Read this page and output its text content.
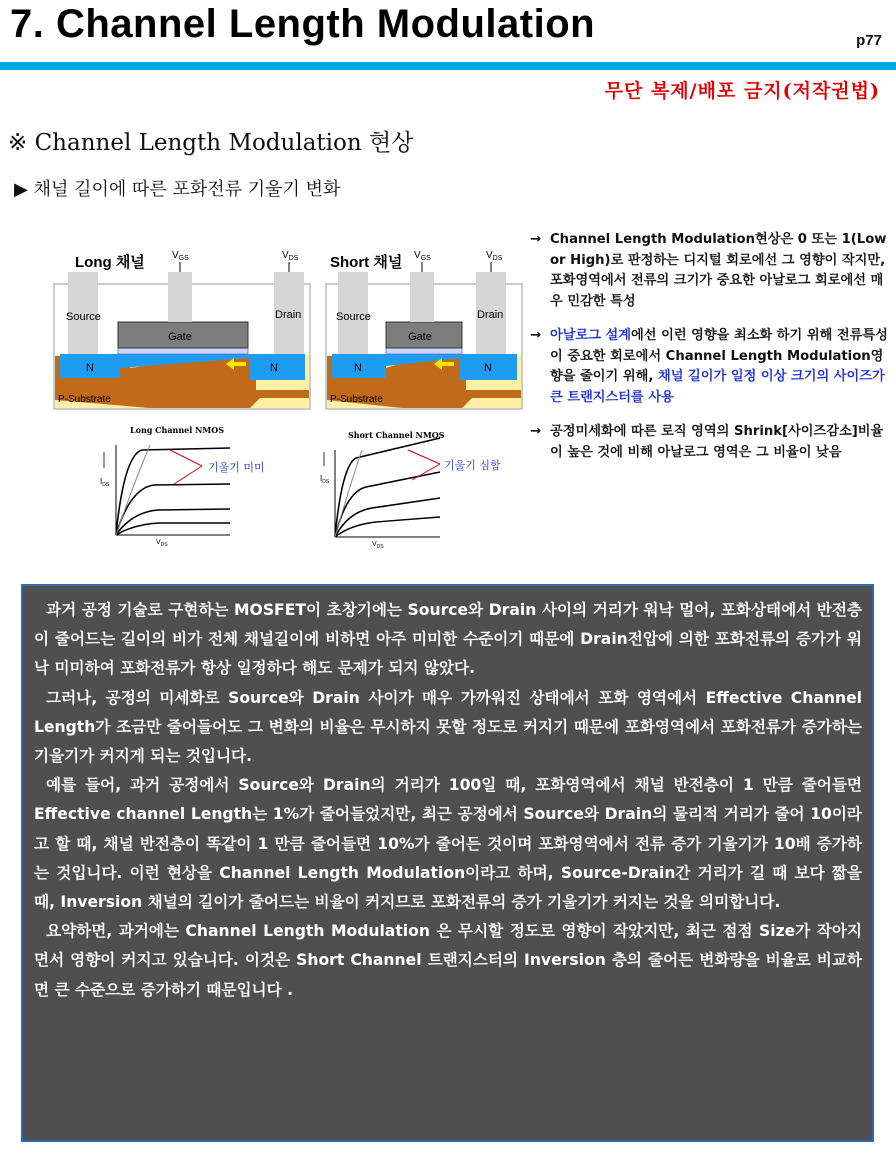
7. Channel Length Modulation	p77
무단 복제/배포 금지(저작권법)
※ Channel Length Modulation 현상
▶ 채널 길이에 따른 포화전류 기울기 변화
Long 채널	$V_{GS}$	$V_{DS}$
N	N
Gate
Source	Drain
P-Substrate
Short 채널 $V_{GS}$	$V_{DS}$
N	N
Gate
Source	Drain
P-Substrate
Long Channel NMOS
$I_{DS}$
$V_{DS}$
기울기 미미
Short Channel NMOS
$I_{DS}$
$V_{DS}$
기울기 심함
→ Channel Length Modulation현상은 0 또는 1(Low or High)로 판정하는 디지털 회로에선 그 영향이 작지만, 포화영역에서 전류의 크기가 중요한 아날로그 회로에선 매우 민감한 특성
→ 아날로그 설계에선 이런 영향을 최소화 하기 위해 전류특성이 중요한 회로에서 Channel Length Modulation영향을 줄이기 위해, 채널 길이가 일정 이상 크기의 사이즈가 큰 트랜지스터를 사용
→ 공정미세화에 따른 로직 영역의 Shrink[사이즈감소]비율이 높은 것에 비해 아날로그 영역은 그 비율이 낮음

과거 공정 기술로 구현하는 MOSFET이 초창기에는 Source와 Drain 사이의 거리가 워낙 멀어, 포화상태에서 반전층이 줄어드는 길이의 비가 전체 채널길이에 비하면 아주 미미한 수준이기 때문에 Drain전압에 의한 포화전류의 증가가 워낙 미미하여 포화전류가 항상 일정하다 해도 문제가 되지 않았다.

그러나, 공정의 미세화로 Source와 Drain 사이가 매우 가까워진 상태에서 포화 영역에서 Effective Channel Length가 조금만 줄어들어도 그 변화의 비율은 무시하지 못할 정도로 커지기 때문에 포화영역에서 포화전류가 증가하는 기울기가 커지게 되는 것입니다.

예를 들어, 과거 공정에서 Source와 Drain의 거리가 100일 때, 포화영역에서 채널 반전층이 1 만큼 줄어들면 Effective channel Length는 1%가 줄어들었지만, 최근 공정에서 Source와 Drain의 물리적 거리가 줄어 10이라고 할 때, 채널 반전층이 똑같이 1 만큼 줄어들면 10%가 줄어든 것이며 포화영역에서 전류 증가 기울기가 10배 증가하는 것입니다. 이런 현상을 Channel Length Modulation이라고 하며, Source-Drain간 거리가 길 때 보다 짧을 때, Inversion 채널의 길이가 줄어드는 비율이 커지므로 포화전류의 증가 기울기가 커지는 것을 의미합니다.

요약하면, 과거에는 Channel Length Modulation 은 무시할 정도로 영향이 작았지만, 최근 점점 Size가 작아지면서 영향이 커지고 있습니다. 이것은 Short Channel 트랜지스터의 Inversion 층의 줄어든 변화량을 비율로 비교하면 큰 수준으로 증가하기 때문입니다 .
